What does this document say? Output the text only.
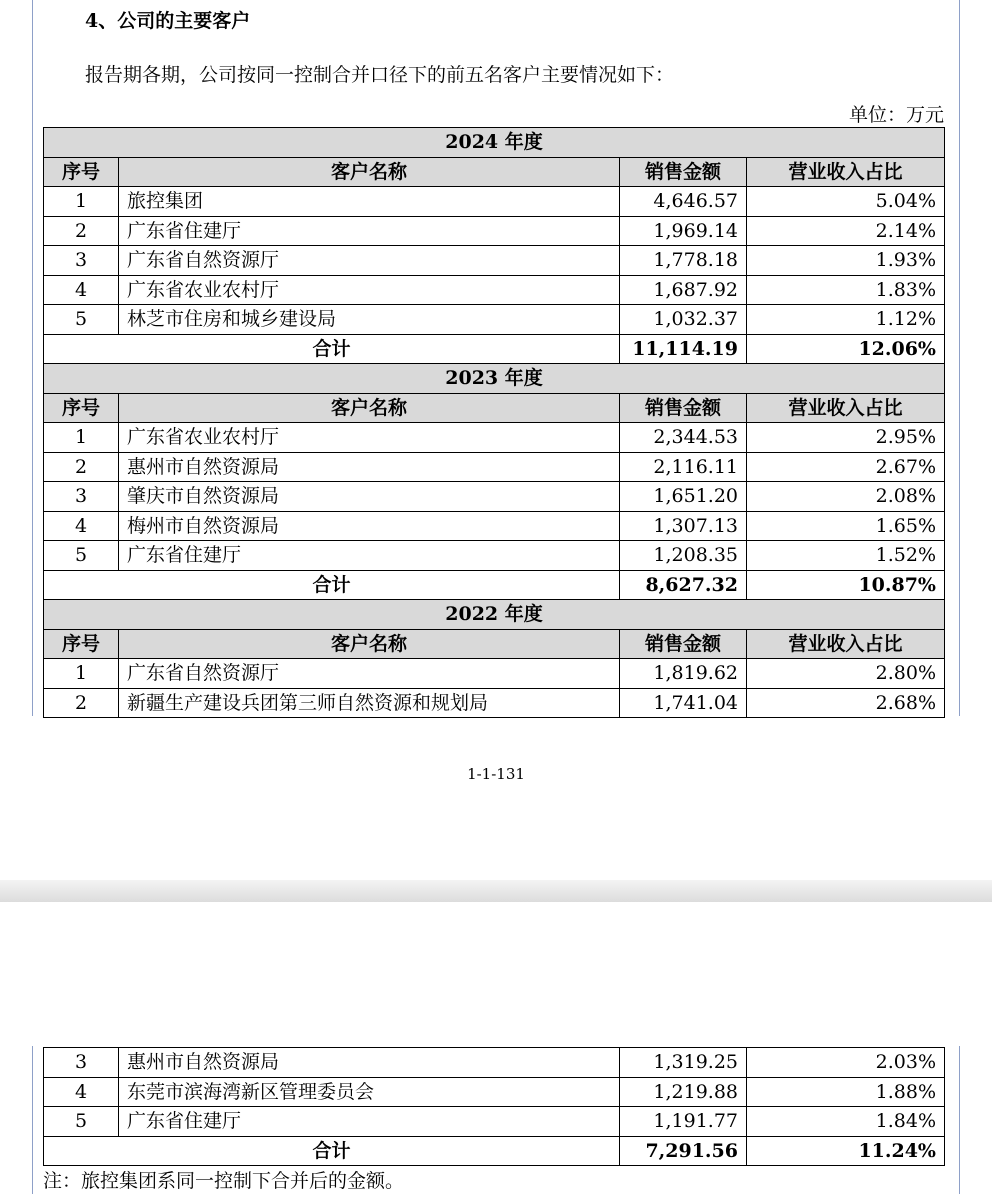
4、公司的主要客户
报告期各期，公司按同一控制合并口径下的前五名客户主要情况如下：
单位：万元
2024 年度			
序号	客户名称	销售金额	营业收入占比
1	旅控集团	4,646.57	5.04%
2	广东省住建厅	1,969.14	2.14%
3	广东省自然资源厅	1,778.18	1.93%
4	广东省农业农村厅	1,687.92	1.83%
5	林芝市住房和城乡建设局	1,032.37	1.12%
合计		11,114.19	12.06%
2023 年度			
序号	客户名称	销售金额	营业收入占比
1	广东省农业农村厅	2,344.53	2.95%
2	惠州市自然资源局	2,116.11	2.67%
3	肇庆市自然资源局	1,651.20	2.08%
4	梅州市自然资源局	1,307.13	1.65%
5	广东省住建厅	1,208.35	1.52%
合计		8,627.32	10.87%
2022 年度			
序号	客户名称	销售金额	营业收入占比
1	广东省自然资源厅	1,819.62	2.80%
2	新疆生产建设兵团第三师自然资源和规划局	1,741.04	2.68%
1-1-131
3	惠州市自然资源局	1,319.25	2.03%
4	东莞市滨海湾新区管理委员会	1,219.88	1.88%
5	广东省住建厅	1,191.77	1.84%
合计		7,291.56	11.24%
注：旅控集团系同一控制下合并后的金额。
